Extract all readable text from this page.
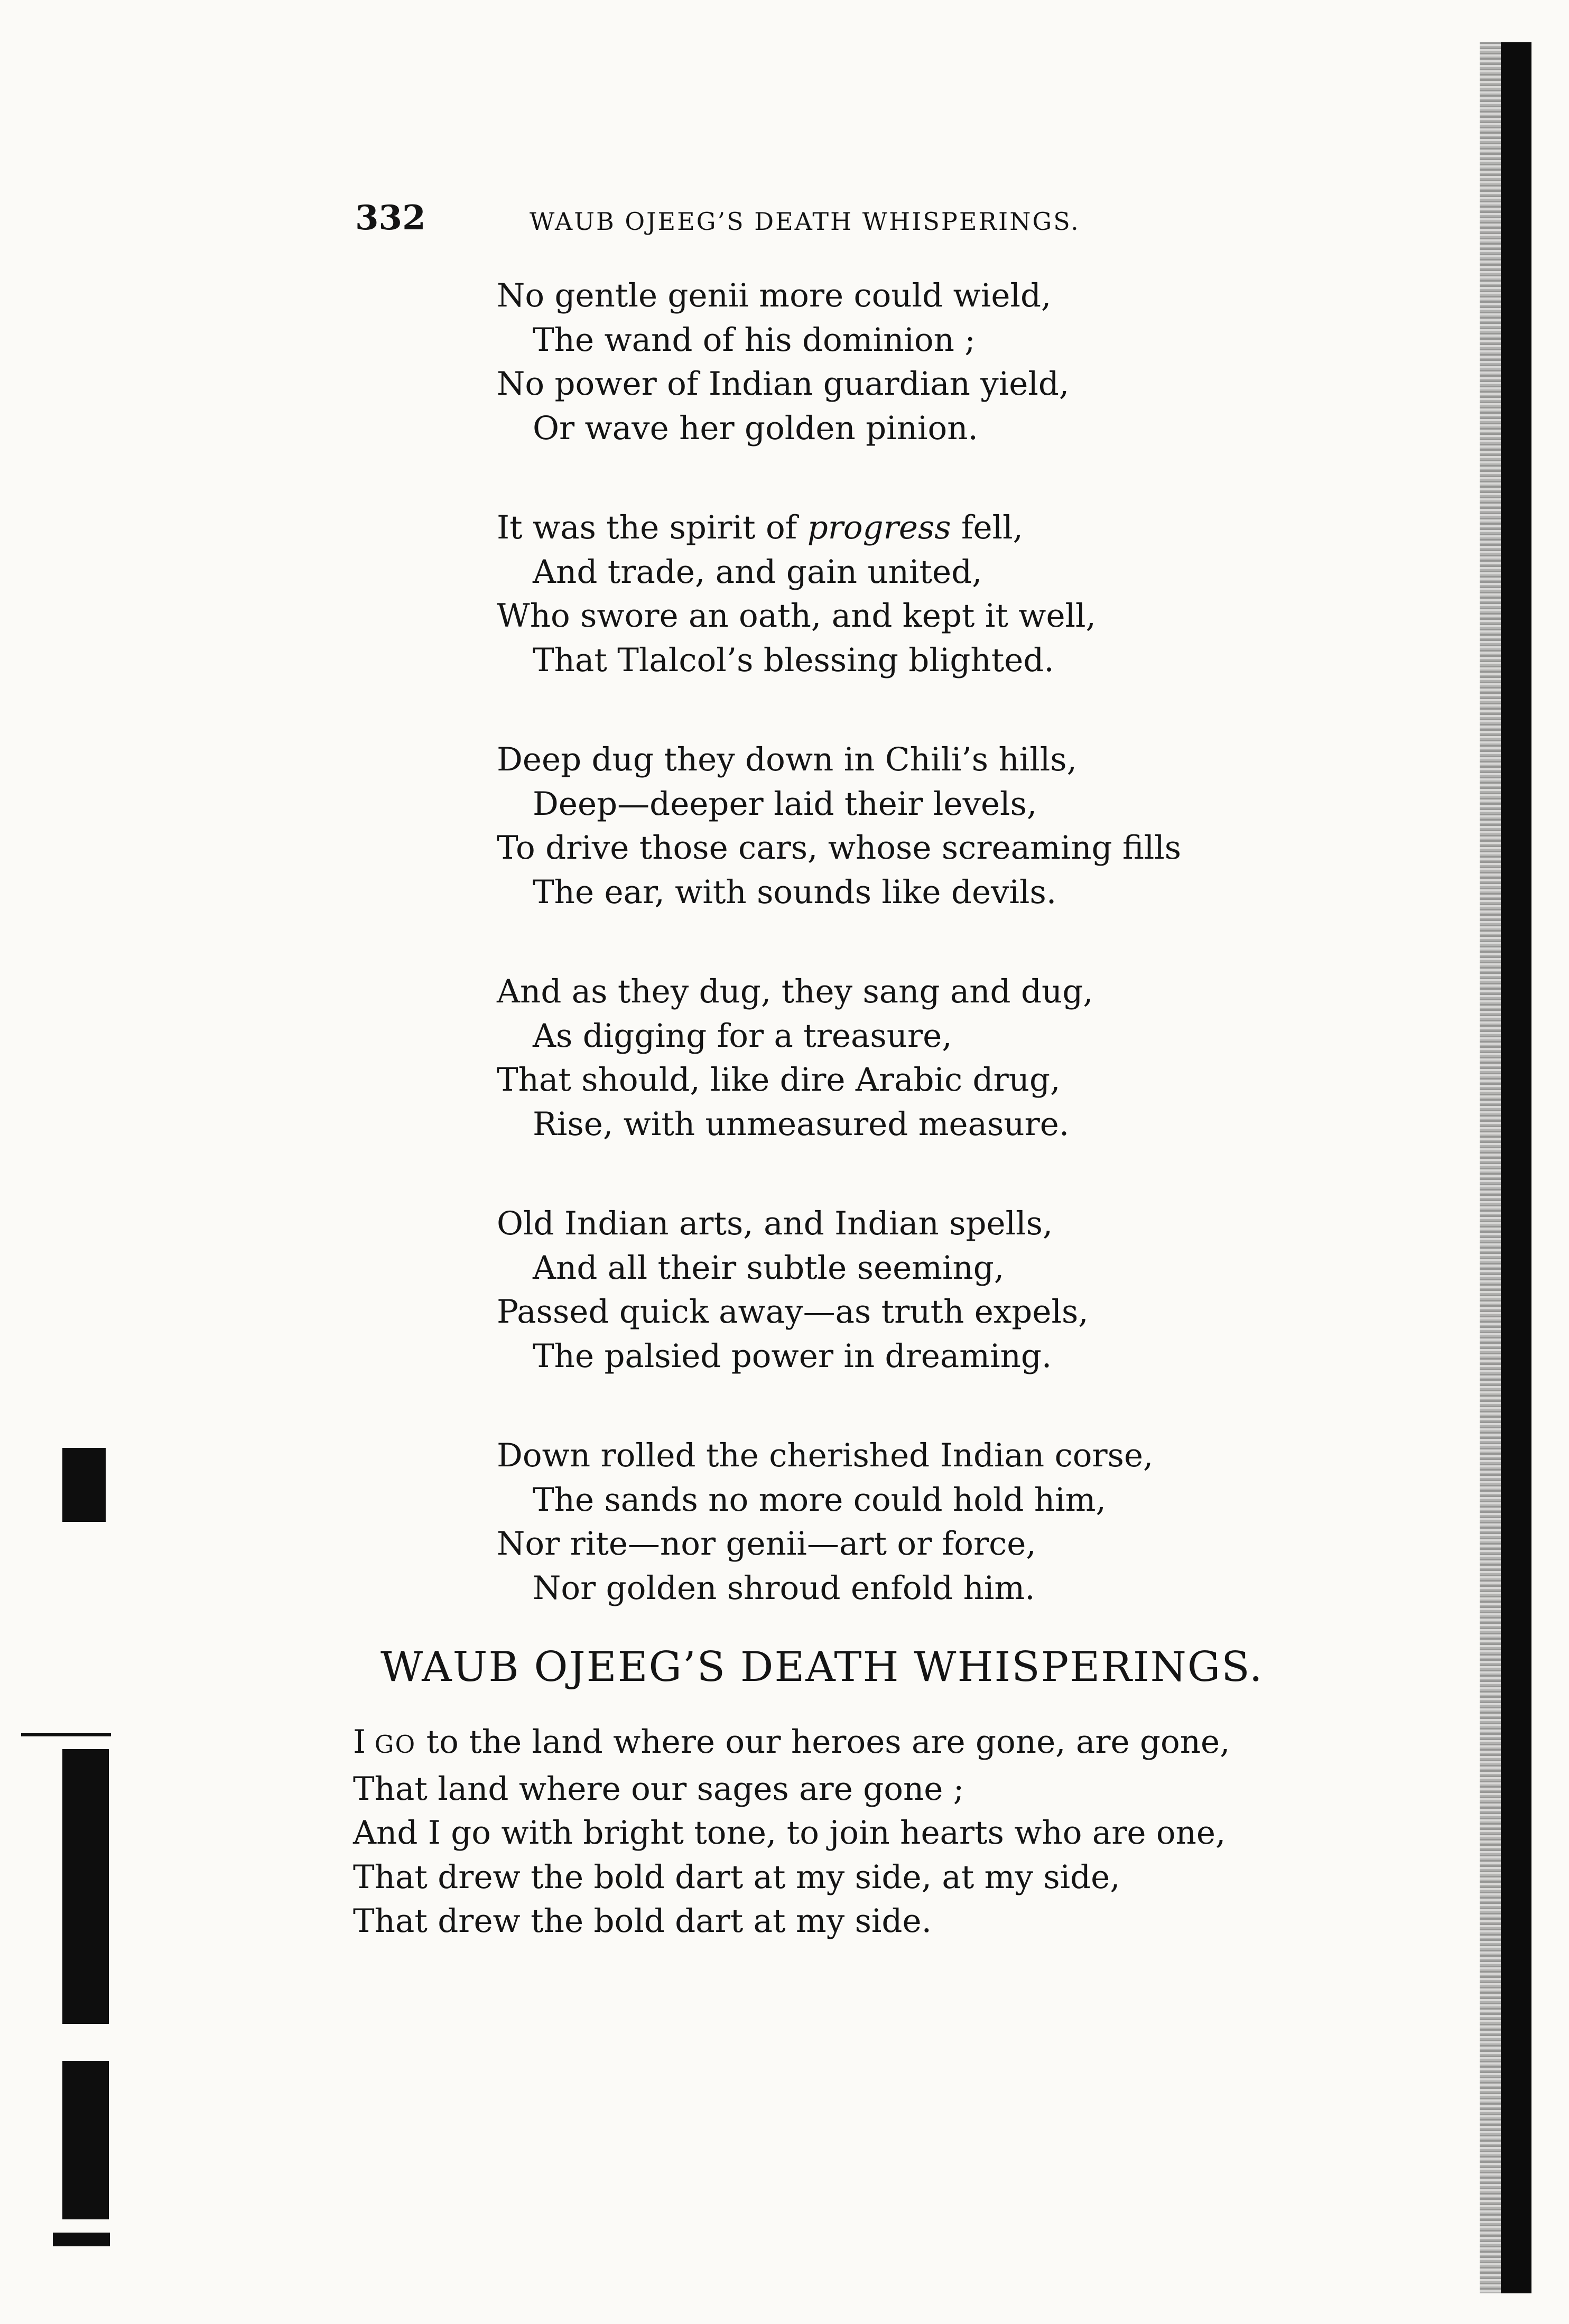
332	WAUB OJEEG’S DEATH WHISPERINGS.
No gentle genii more could wield,
The wand of his dominion ;
No power of Indian guardian yield,
Or wave her golden pinion.
It was the spirit of progress fell,
And trade, and gain united,
Who swore an oath, and kept it well,
That Tlalcol’s blessing blighted.
Deep dug they down in Chili’s hills,
Deep—deeper laid their levels,
To drive those cars, whose screaming fills
The ear, with sounds like devils.
And as they dug, they sang and dug,
As digging for a treasure,
That should, like dire Arabic drug,
Rise, with unmeasured measure.
Old Indian arts, and Indian spells,
And all their subtle seeming,
Passed quick away—as truth expels,
The palsied power in dreaming.
Down rolled the cherished Indian corse,
The sands no more could hold him,
Nor rite—nor genii—art or force,
Nor golden shroud enfold him.
WAUB OJEEG’S DEATH WHISPERINGS.
I GO to the land where our heroes are gone, are gone,
That land where our sages are gone ;
And I go with bright tone, to join hearts who are one,
That drew the bold dart at my side, at my side,
That drew the bold dart at my side.
